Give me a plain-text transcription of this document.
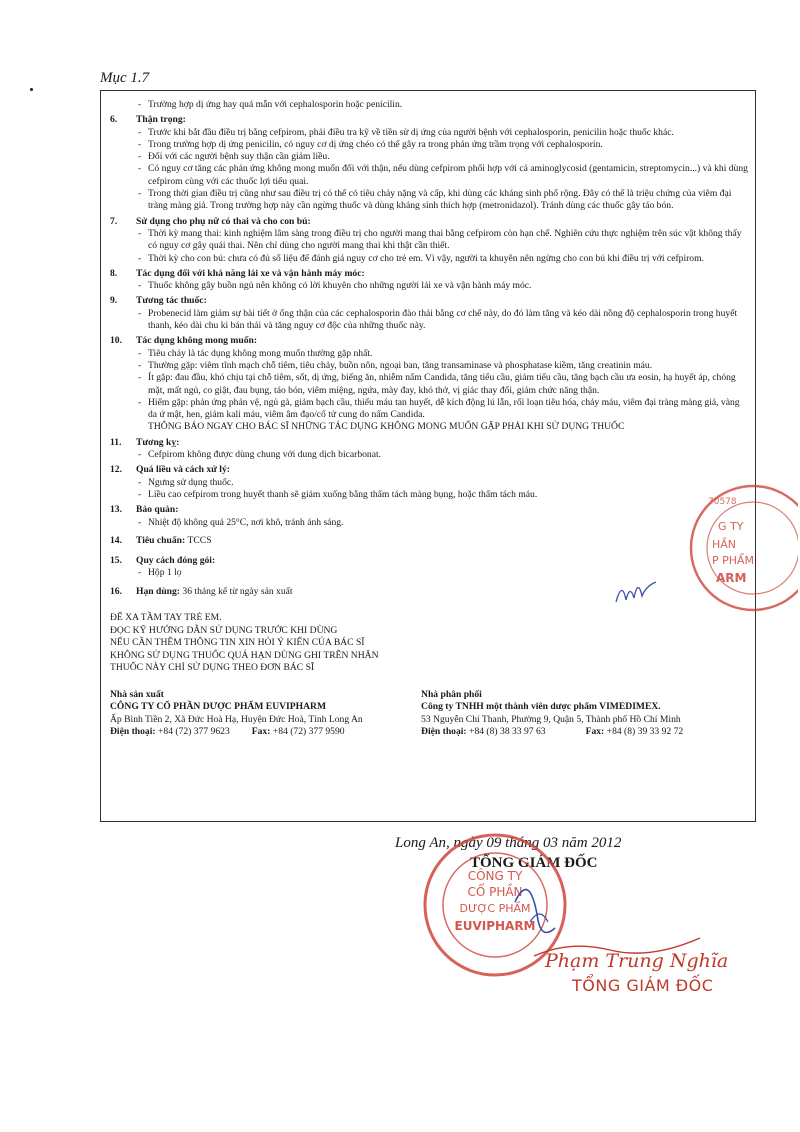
Mục 1.7
- Trường hợp dị ứng hay quá mẫn với cephalosporin hoặc penicilin.
6. Thận trọng:
- Trước khi bắt đầu điều trị bằng cefpirom, phải điều tra kỹ về tiền sử dị ứng của người bệnh với cephalosporin, penicilin hoặc thuốc khác.
- Trong trường hợp dị ứng penicilin, có nguy cơ dị ứng chéo có thể gây ra trong phản ứng trầm trọng với cephalosporin.
- Đối với các người bệnh suy thận cần giảm liều.
- Có nguy cơ tăng các phản ứng không mong muốn đối với thận, nếu dùng cefpirom phối hợp với cả aminoglycosid (gentamicin, streptomycin...) và khi dùng cefpirom cùng với các thuốc lợi tiểu quai.
- Trong thời gian điều trị cũng như sau điều trị có thể có tiêu chảy nặng và cấp, khi dùng các kháng sinh phổ rộng. Đây có thể là triệu chứng của viêm đại tràng màng giả. Trong trường hợp này cần ngừng thuốc và dùng kháng sinh thích hợp (metronidazol). Tránh dùng các thuốc gây táo bón.
7. Sử dụng cho phụ nữ có thai và cho con bú:
- Thời kỳ mang thai: kinh nghiệm lâm sàng trong điều trị cho người mang thai bằng cefpirom còn hạn chế. Nghiên cứu thực nghiệm trên súc vật không thấy có nguy cơ gây quái thai. Nên chỉ dùng cho người mang thai khi thật cần thiết.
- Thời kỳ cho con bú: chưa có đủ số liệu để đánh giá nguy cơ cho trẻ em. Vì vậy, người ta khuyên nên ngừng cho con bú khi điều trị với cefpirom.
8. Tác dụng đối với khả năng lái xe và vận hành máy móc:
- Thuốc không gây buồn ngủ nên không có lời khuyên cho những người lái xe và vận hành máy móc.
9. Tương tác thuốc:
- Probenecid làm giảm sự bài tiết ở ống thận của các cephalosporin đào thải bằng cơ chế này, do đó làm tăng và kéo dài nồng độ cephalosporin trong huyết thanh, kéo dài chu kì bán thải và tăng nguy cơ độc của những thuốc này.
10. Tác dụng không mong muốn:
- Tiêu chảy là tác dụng không mong muốn thường gặp nhất.
- Thường gặp: viêm tĩnh mạch chỗ tiêm, tiêu chảy, buồn nôn, ngoại ban, tăng transaminase và phosphatase kiềm, tăng creatinin máu.
- Ít gặp: đau đầu, khó chịu tại chỗ tiêm, sốt, dị ứng, biếng ăn, nhiễm nấm Candida, tăng tiểu cầu, giảm tiểu cầu, tăng bạch cầu ưa eosin, hạ huyết áp, chóng mặt, mất ngủ, co giật, đau bụng, táo bón, viêm miệng, ngứa, mày đay, khó thở, vị giác thay đổi, giảm chức năng thận.
- Hiếm gặp: phản ứng phản vệ, ngủ gà, giảm bạch cầu, thiếu máu tan huyết, dễ kích động lú lẫn, rối loạn tiêu hóa, chảy máu, viêm đại tràng màng giả, vàng da ứ mật, hen, giảm kali máu, viêm âm đạo/cổ tử cung do nấm Candida.
THÔNG BÁO NGAY CHO BÁC SĨ NHỮNG TÁC DỤNG KHÔNG MONG MUỐN GẶP PHẢI KHI SỬ DỤNG THUỐC
11. Tương kỵ:
- Cefpirom không được dùng chung với dung dịch bicarbonat.
12. Quá liều và cách xử lý:
- Ngưng sử dụng thuốc.
- Liều cao cefpirom trong huyết thanh sẽ giảm xuống bằng thẩm tách màng bụng, hoặc thẩm tách máu.
13. Bảo quản:
- Nhiệt độ không quá 25°C, nơi khô, tránh ánh sáng.
14. Tiêu chuẩn: TCCS
15. Quy cách đóng gói:
- Hộp 1 lọ
16. Hạn dùng: 36 tháng kể từ ngày sản xuất
ĐỂ XA TẦM TAY TRẺ EM.
ĐỌC KỸ HƯỚNG DẪN SỬ DỤNG TRƯỚC KHI DÙNG
NẾU CẦN THÊM THÔNG TIN XIN HỎI Ý KIẾN CỦA BÁC SĨ
KHÔNG SỬ DỤNG THUỐC QUÁ HẠN DÙNG GHI TRÊN NHÃN
THUỐC NÀY CHỈ SỬ DỤNG THEO ĐƠN BÁC SĨ
Nhà sản xuất
CÔNG TY CỔ PHẦN DƯỢC PHẨM EUVIPHARM
Ấp Bình Tiền 2, Xã Đức Hoà Hạ, Huyện Đức Hoà, Tỉnh Long An
Điện thoại:
+84 (72) 377 9623 Fax:
+84 (72) 377 9590
Nhà phân phối
Công ty TNHH một thành viên dược phẩm VIMEDIMEX.
53 Nguyễn Chí Thanh, Phường 9, Quận 5, Thành phố Hồ Chí Minh
Điện thoại:
+84 (8) 38 33 97 63	Fax:
+84 (8) 39 33 92 72
G TY
HẦN
P PHẨM
ARM
70578
Long An, ngày 09 tháng 03 năm 2012
TỔNG GIÁM ĐỐC
CÔNG TY
CỔ PHẦN
DƯỢC PHẨM
EUVIPHARM
Phạm Trung Nghĩa
TỔNG GIÁM ĐỐC
